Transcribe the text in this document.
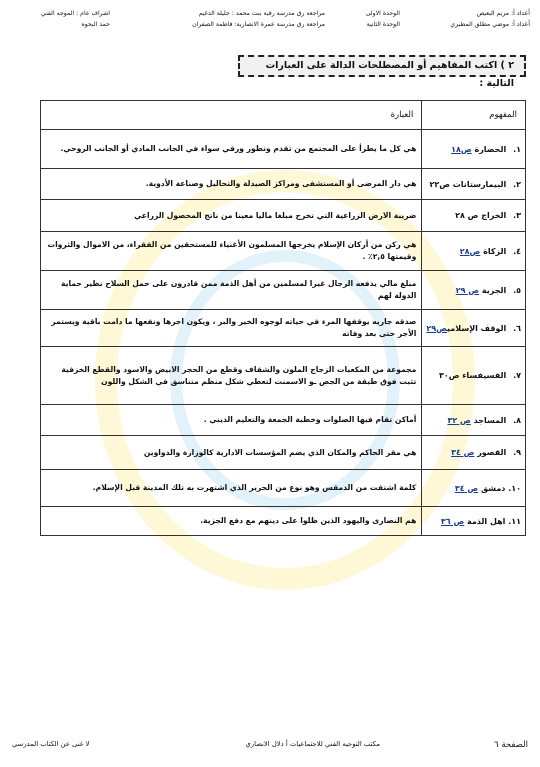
أعداد أ: مريم البعيص
أعداد أ: موضي مطلق المطيري
الوحدة الاولى
الوحدة الثانية
مراجعة رق مدرسة رقية بنت محمد : جليلة الدغيم
مراجعة رق مدرسة عمرة الانصارية: فاطمة الصفران
اشراف عام : الموجه الفني
حمد البحوه
٢ ) اكتب المفاهيم أو المصطلحات الدالة على العبارات التالية :
المفهوم	العبارة
١. الحضارة ص١٨	هي كل ما يطرأ على المجتمع من تقدم وتطور ورقي سواء في الجانب المادي أو الجانب الروحي.
٢. البيمارستانات ص٢٢	هي دار المرضى أو المستشفى ومراكز الصيدلة والتحاليل وصناعة الأدوية.
٣. الخراج ص ٢٨	ضريبة الارض الزراعية التي تخرج مبلغا ماليا معينا من ناتج المحصول الزراعي
٤. الزكاة ص٢٨	هي ركن من أركان الإسلام يخرجها المسلمون الأغنياء للمستحقين من الفقراء، من الاموال والثروات وقيمتها ٢,٥٪ .
٥. الجزية ص ٢٩	مبلغ مالي يدفعه الرجال غيرا لمسلمين من أهل الذمة ممن قادرون على حمل السلاح نظير حماية الدولة لهم
٦. الوقف الإسلاميص٢٩	صدقه جاريه يوقفها المرء في حياته لوجوه الخير والبر ، ويكون اجرها ونفعها ما دامت باقية ويستمر الأجر حتى بعد وفاته
٧. الفسيفساء ص٣٠	مجموعة من المكعبات الزجاج الملون والشفاف وقطع من الحجر الابيض والاسود والقطع الخزفية تثبت فوق طبقة من الجص ـو الاسمنت لتعطي شكل منظم متناسق في الشكل واللون
٨. المساجد ص ٣٢	أماكن تقام فيها الصلوات وخطبة الجمعة والتعليم الديني .
٩. القصور ص ٣٤	هي مقر الحاكم والمكان الذي يضم المؤسسات الادارية كالوزارة والدواوين
١٠. دمشق ص ٣٤	كلمة اشتقت من الدمقس وهو نوع من الحرير الذي اشتهرت به تلك المدينة قبل الإسلام.
١١. اهل الذمة ص ٣٦	هم النصارى واليهود الذين ظلوا على دينهم مع دفع الجزية.
الصفحة ٦
مكتب التوجيه الفني للاجتماعيات أ دلال الانصاري
لا غنى عن الكتاب المدرسي
